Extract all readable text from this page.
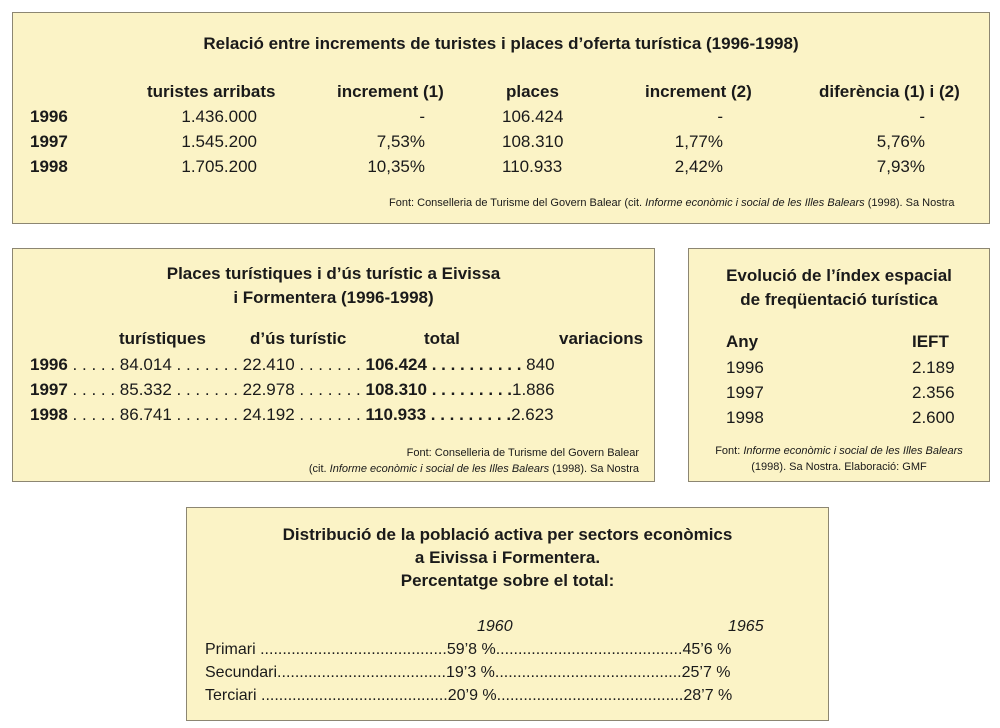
Relació entre increments de turistes i places d’oferta turística (1996-1998)
turistes arribats	increment (1)	places	increment (2)	diferència (1) i (2)
1996	1.436.000	-	106.424	-	-
1997	1.545.200	7,53%	108.310	1,77%	5,76%
1998	1.705.200	10,35%	110.933	2,42%	7,93%
Font: Conselleria de Turisme del Govern Balear (cit. Informe econòmic i social de les Illes Balears (1998). Sa Nostra
Places turístiques i d’ús turístic a Eivissa
i Formentera (1996-1998)
turístiques	d’ús turístic	total	variacions
1996 . . . . . 84.014 . . . . . . . 22.410 . . . . . . . 106.424 . . . . . . . . . . 840
1997 . . . . . 85.332 . . . . . . . 22.978 . . . . . . . 108.310 . . . . . . . . .1.886
1998 . . . . . 86.741 . . . . . . . 24.192 . . . . . . . 110.933 . . . . . . . . .2.623
Font: Conselleria de Turisme del Govern Balear
(cit. Informe econòmic i social de les Illes Balears (1998). Sa Nostra
Evolució de l’índex espacial
de freqüentació turística
Any	IEFT
1996	2.189
1997	2.356
1998	2.600
Font: Informe econòmic i social de les Illes Balears
(1998). Sa Nostra. Elaboració: GMF
Distribució de la població activa per sectors econòmics
a Eivissa i Formentera.
Percentatge sobre el total:
1960	1965
Primari ..........................................59’8 %..........................................45’6 %
Secundari......................................19’3 %..........................................25’7 %
Terciari ..........................................20’9 %..........................................28’7 %
